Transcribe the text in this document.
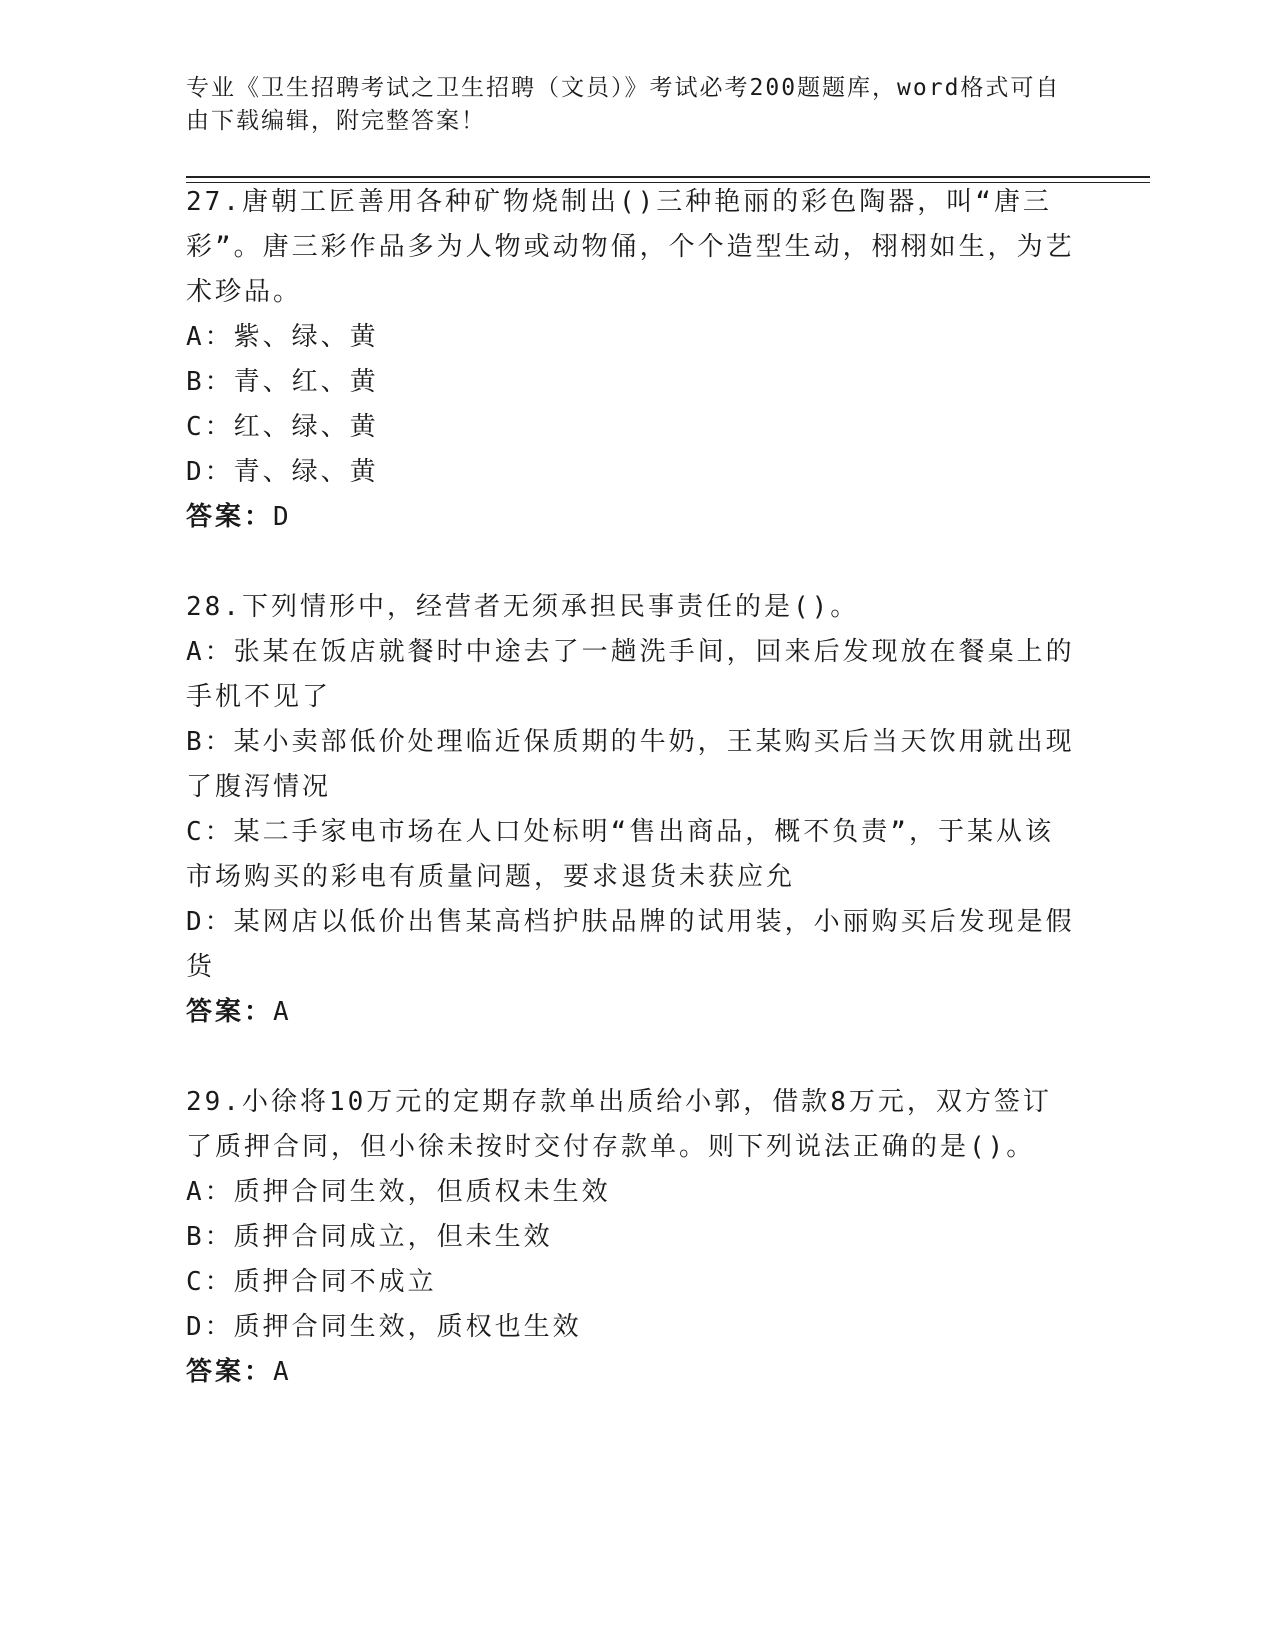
专业《卫生招聘考试之卫生招聘（文员）》考试必考200题题库，word格式可自由下载编辑，附完整答案！

27.唐朝工匠善用各种矿物烧制出()三种艳丽的彩色陶器，叫“唐三彩”。唐三彩作品多为人物或动物俑，个个造型生动，栩栩如生，为艺术珍品。

A：紫、绿、黄

B：青、红、黄

C：红、绿、黄

D：青、绿、黄

答案：D

28.下列情形中，经营者无须承担民事责任的是()。

A：张某在饭店就餐时中途去了一趟洗手间，回来后发现放在餐桌上的手机不见了

B：某小卖部低价处理临近保质期的牛奶，王某购买后当天饮用就出现了腹泻情况

C：某二手家电市场在人口处标明“售出商品，概不负责”，于某从该市场购买的彩电有质量问题，要求退货未获应允

D：某网店以低价出售某高档护肤品牌的试用装，小丽购买后发现是假货

答案：A

29.小徐将10万元的定期存款单出质给小郭，借款8万元，双方签订了质押合同，但小徐未按时交付存款单。则下列说法正确的是()。

A：质押合同生效，但质权未生效

B：质押合同成立，但未生效

C：质押合同不成立

D：质押合同生效，质权也生效

答案：A
